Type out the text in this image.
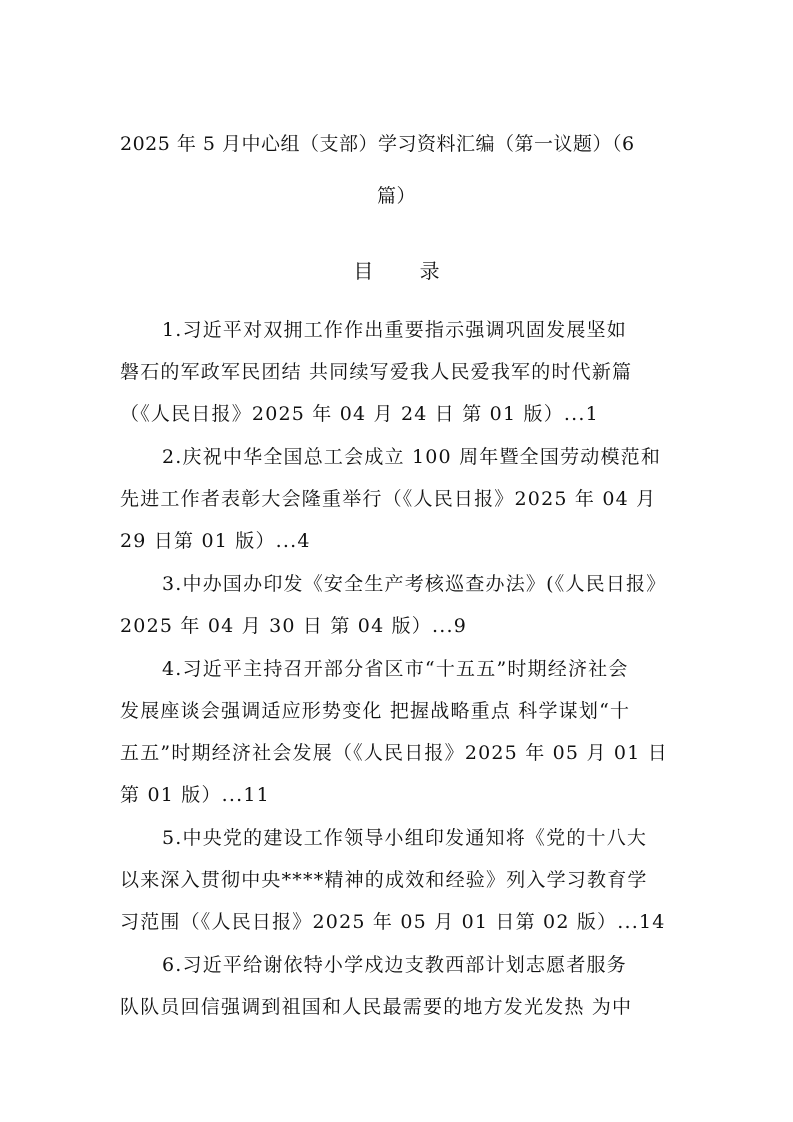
2025 年 5 月中心组（支部）学习资料汇编（第一议题）（6
篇）
目 录
1.习近平对双拥工作作出重要指示强调巩固发展坚如
磐石的军政军民团结 共同续写爱我人民爱我军的时代新篇
（《人民日报》2025 年 04 月 24 日 第 01 版）...1
2.庆祝中华全国总工会成立 100 周年暨全国劳动模范和
先进工作者表彰大会隆重举行（《人民日报》2025 年 04 月
29 日第 01 版）...4
3.中办国办印发《安全生产考核巡查办法》(《人民日报》
2025 年 04 月 30 日 第 04 版）...9
4.习近平主持召开部分省区市“十五五”时期经济社会
发展座谈会强调适应形势变化 把握战略重点 科学谋划“十
五五”时期经济社会发展（《人民日报》2025 年 05 月 01 日
第 01 版）...11
5.中央党的建设工作领导小组印发通知将《党的十八大
以来深入贯彻中央****精神的成效和经验》列入学习教育学
习范围（《人民日报》2025 年 05 月 01 日第 02 版）...14
6.习近平给谢依特小学戍边支教西部计划志愿者服务
队队员回信强调到祖国和人民最需要的地方发光发热 为中
